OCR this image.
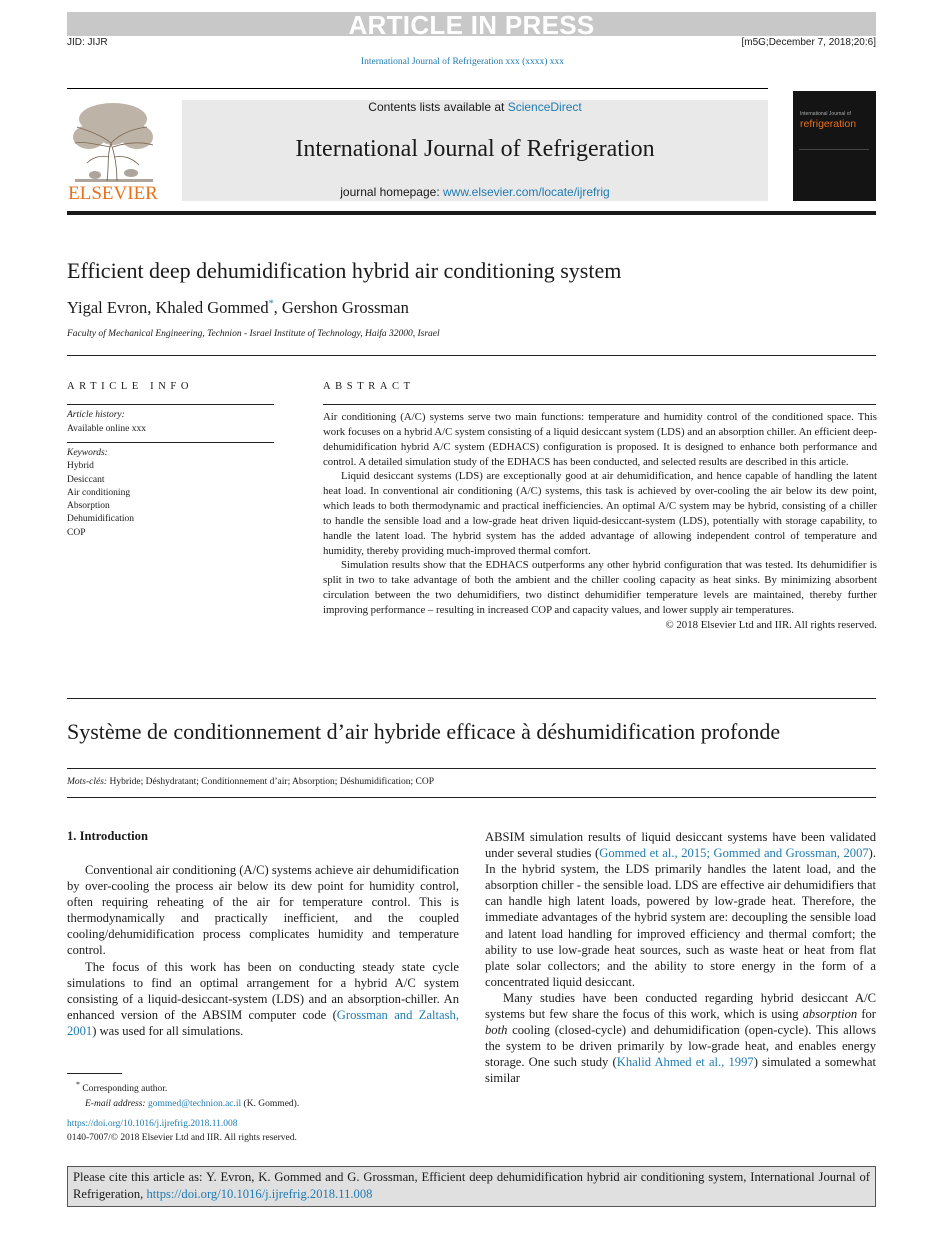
ARTICLE IN PRESS
JID: JIJR	[m5G;December 7, 2018;20:6]
International Journal of Refrigeration xxx (xxxx) xxx
ELSEVIER
Contents lists available at ScienceDirect
International Journal of Refrigeration
journal homepage: www.elsevier.com/locate/ijrefrig
International Journal of
refrigeration
Efficient deep dehumidification hybrid air conditioning system
Yigal Evron, Khaled Gommed*, Gershon Grossman
Faculty of Mechanical Engineering, Technion - Israel Institute of Technology, Haifa 32000, Israel
ARTICLE INFO
Article history:
Available online xxx
Keywords:
Hybrid
Desiccant
Air conditioning
Absorption
Dehumidification
COP
ABSTRACT

Air conditioning (A/C) systems serve two main functions: temperature and humidity control of the conditioned space. This work focuses on a hybrid A/C system consisting of a liquid desiccant system (LDS) and an absorption chiller. An efficient deep-dehumidification hybrid A/C system (EDHACS) configuration is proposed. It is designed to enhance both performance and control. A detailed simulation study of the EDHACS has been conducted, and selected results are described in this article.

Liquid desiccant systems (LDS) are exceptionally good at air dehumidification, and hence capable of handling the latent heat load. In conventional air conditioning (A/C) systems, this task is achieved by over-cooling the air below its dew point, which leads to both thermodynamic and practical inefficiencies. An optimal A/C system may be hybrid, consisting of a chiller to handle the sensible load and a low-grade heat driven liquid-desiccant-system (LDS), potentially with storage capability, to handle the latent load. The hybrid system has the added advantage of allowing independent control of temperature and humidity, thereby providing much-improved thermal comfort.

Simulation results show that the EDHACS outperforms any other hybrid configuration that was tested. Its dehumidifier is split in two to take advantage of both the ambient and the chiller cooling capacity as heat sinks. By minimizing absorbent circulation between the two dehumidifiers, two distinct dehumidifier temperature levels are maintained, thereby further improving performance – resulting in increased COP and capacity values, and lower supply air temperatures.

© 2018 Elsevier Ltd and IIR. All rights reserved.

Système de conditionnement d’air hybride efficace à déshumidification profonde
Mots-clés: Hybride; Déshydratant; Conditionnement d’air; Absorption; Déshumidification; COP
1. Introduction

Conventional air conditioning (A/C) systems achieve air dehumidification by over-cooling the process air below its dew point for humidity control, often requiring reheating of the air for temperature control. This is thermodynamically and practically inefficient, and the coupled cooling/dehumidification process complicates humidity and temperature control.

The focus of this work has been on conducting steady state cycle simulations to find an optimal arrangement for a hybrid A/C system consisting of a liquid-desiccant-system (LDS) and an absorption-chiller. An enhanced version of the ABSIM computer code (Grossman and Zaltash, 2001) was used for all simulations.

ABSIM simulation results of liquid desiccant systems have been validated under several studies (Gommed et al., 2015; Gommed and Grossman, 2007). In the hybrid system, the LDS primarily handles the latent load, and the absorption chiller - the sensible load. LDS are effective air dehumidifiers that can handle high latent loads, powered by low-grade heat. Therefore, the immediate advantages of the hybrid system are: decoupling the sensible load and latent load handling for improved efficiency and thermal comfort; the ability to use low-grade heat sources, such as waste heat or heat from flat plate solar collectors; and the ability to store energy in the form of a concentrated liquid desiccant.

Many studies have been conducted regarding hybrid desiccant A/C systems but few share the focus of this work, which is using absorption for both cooling (closed-cycle) and dehumidification (open-cycle). This allows the system to be driven primarily by low-grade heat, and enables energy storage. One such study (Khalid Ahmed et al., 1997) simulated a somewhat similar

* Corresponding author.
E-mail address: gommed@technion.ac.il (K. Gommed).
https://doi.org/10.1016/j.ijrefrig.2018.11.008
0140-7007/© 2018 Elsevier Ltd and IIR. All rights reserved.
Please cite this article as: Y. Evron, K. Gommed and G. Grossman, Efficient deep dehumidification hybrid air conditioning system, International Journal of Refrigeration, https://doi.org/10.1016/j.ijrefrig.2018.11.008
